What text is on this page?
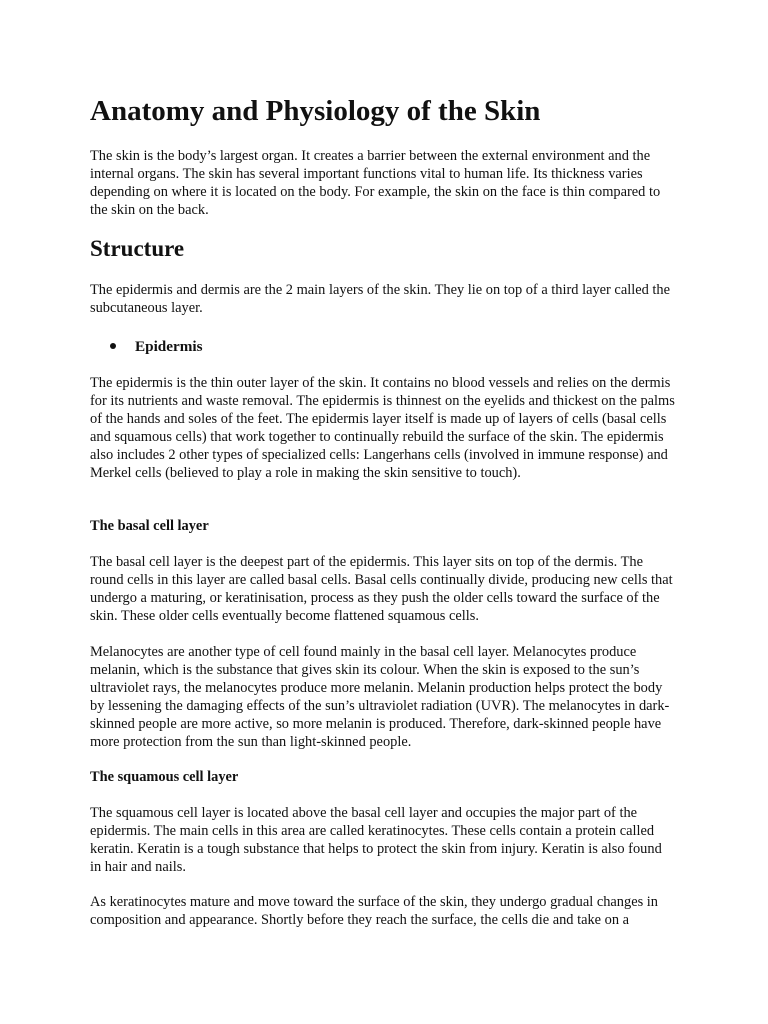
Anatomy and Physiology of the Skin

The skin is the body’s largest organ. It creates a barrier between the external environment and the internal organs. The skin has several important functions vital to human life. Its thickness varies depending on where it is located on the body. For example, the skin on the face is thin compared to the skin on the back.

Structure

The epidermis and dermis are the 2 main layers of the skin. They lie on top of a third layer called the subcutaneous layer.

Epidermis

The epidermis is the thin outer layer of the skin. It contains no blood vessels and relies on the dermis for its nutrients and waste removal. The epidermis is thinnest on the eyelids and thickest on the palms of the hands and soles of the feet. The epidermis layer itself is made up of layers of cells (basal cells and squamous cells) that work together to continually rebuild the surface of the skin. The epidermis also includes 2 other types of specialized cells: Langerhans cells (involved in immune response) and Merkel cells (believed to play a role in making the skin sensitive to touch).

The basal cell layer

The basal cell layer is the deepest part of the epidermis. This layer sits on top of the dermis. The round cells in this layer are called basal cells. Basal cells continually divide, producing new cells that undergo a maturing, or keratinisation, process as they push the older cells toward the surface of the skin. These older cells eventually become flattened squamous cells.

Melanocytes are another type of cell found mainly in the basal cell layer. Melanocytes produce melanin, which is the substance that gives skin its colour. When the skin is exposed to the sun’s ultraviolet rays, the melanocytes produce more melanin. Melanin production helps protect the body by lessening the damaging effects of the sun’s ultraviolet radiation (UVR). The melanocytes in dark-skinned people are more active, so more melanin is produced. Therefore, dark-skinned people have more protection from the sun than light-skinned people.

The squamous cell layer

The squamous cell layer is located above the basal cell layer and occupies the major part of the epidermis. The main cells in this area are called keratinocytes. These cells contain a protein called keratin. Keratin is a tough substance that helps to protect the skin from injury. Keratin is also found in hair and nails.

As keratinocytes mature and move toward the surface of the skin, they undergo gradual changes in composition and appearance. Shortly before they reach the surface, the cells die and take on a
